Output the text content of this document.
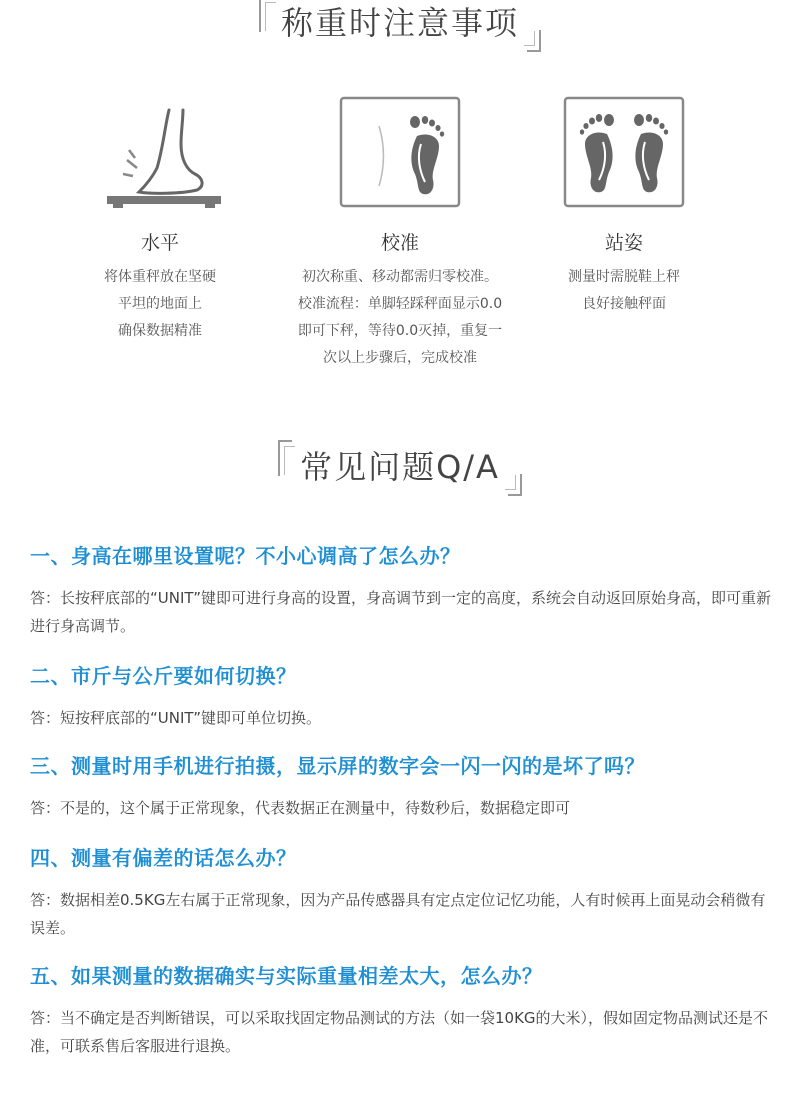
称重时注意事项
水平
将体重秤放在坚硬
平坦的地面上
确保数据精准
校准
初次称重、移动都需归零校准。
校准流程：单脚轻踩秤面显示0.0
即可下秤，等待0.0灭掉，重复一
次以上步骤后，完成校准
站姿
测量时需脱鞋上秤
良好接触秤面
常见问题Q/A
一、身高在哪里设置呢？不小心调高了怎么办？
答：长按秤底部的“UNIT”键即可进行身高的设置，身高调节到一定的高度，系统会自动返回原始身高，即可重新进行身高调节。
二、市斤与公斤要如何切换？
答：短按秤底部的“UNIT”键即可单位切换。
三、测量时用手机进行拍摄，显示屏的数字会一闪一闪的是坏了吗？
答：不是的，这个属于正常现象，代表数据正在测量中，待数秒后，数据稳定即可
四、测量有偏差的话怎么办？
答：数据相差0.5KG左右属于正常现象，因为产品传感器具有定点定位记忆功能，人有时候再上面晃动会稍微有误差。
五、如果测量的数据确实与实际重量相差太大，怎么办？
答：当不确定是否判断错误，可以采取找固定物品测试的方法（如一袋10KG的大米），假如固定物品测试还是不准，可联系售后客服进行退换。
